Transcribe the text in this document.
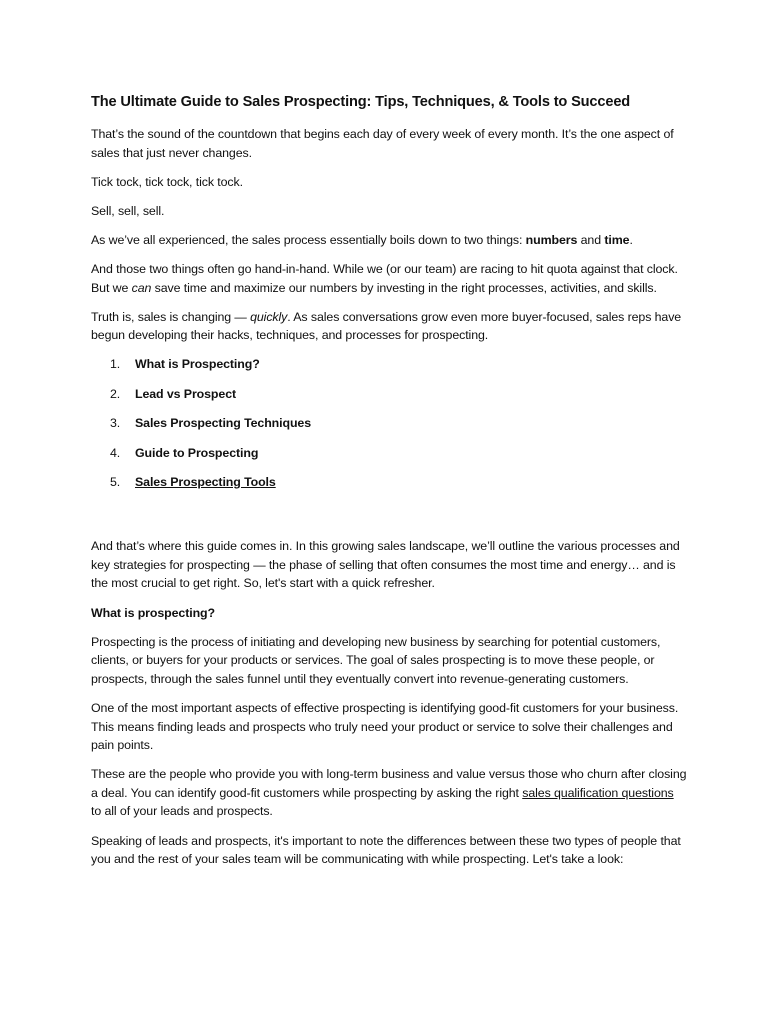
The Ultimate Guide to Sales Prospecting: Tips, Techniques, & Tools to Succeed

That’s the sound of the countdown that begins each day of every week of every month. It’s the one aspect of sales that just never changes.

Tick tock, tick tock, tick tock.

Sell, sell, sell.

As we’ve all experienced, the sales process essentially boils down to two things: numbers and time.

And those two things often go hand-in-hand. While we (or our team) are racing to hit quota against that clock. But we can save time and maximize our numbers by investing in the right processes, activities, and skills.

Truth is, sales is changing — quickly. As sales conversations grow even more buyer-focused, sales reps have begun developing their hacks, techniques, and processes for prospecting.

1.	What is Prospecting?
2.	Lead vs Prospect
3.	Sales Prospecting Techniques
4.	Guide to Prospecting
5.	Sales Prospecting Tools

And that’s where this guide comes in. In this growing sales landscape, we’ll outline the various processes and key strategies for prospecting — the phase of selling that often consumes the most time and energy… and is the most crucial to get right. So, let's start with a quick refresher.

What is prospecting?

Prospecting is the process of initiating and developing new business by searching for potential customers, clients, or buyers for your products or services. The goal of sales prospecting is to move these people, or prospects, through the sales funnel until they eventually convert into revenue-generating customers.

One of the most important aspects of effective prospecting is identifying good-fit customers for your business. This means finding leads and prospects who truly need your product or service to solve their challenges and pain points.

These are the people who provide you with long-term business and value versus those who churn after closing a deal. You can identify good-fit customers while prospecting by asking the right sales qualification questions to all of your leads and prospects.

Speaking of leads and prospects, it's important to note the differences between these two types of people that you and the rest of your sales team will be communicating with while prospecting. Let's take a look:
